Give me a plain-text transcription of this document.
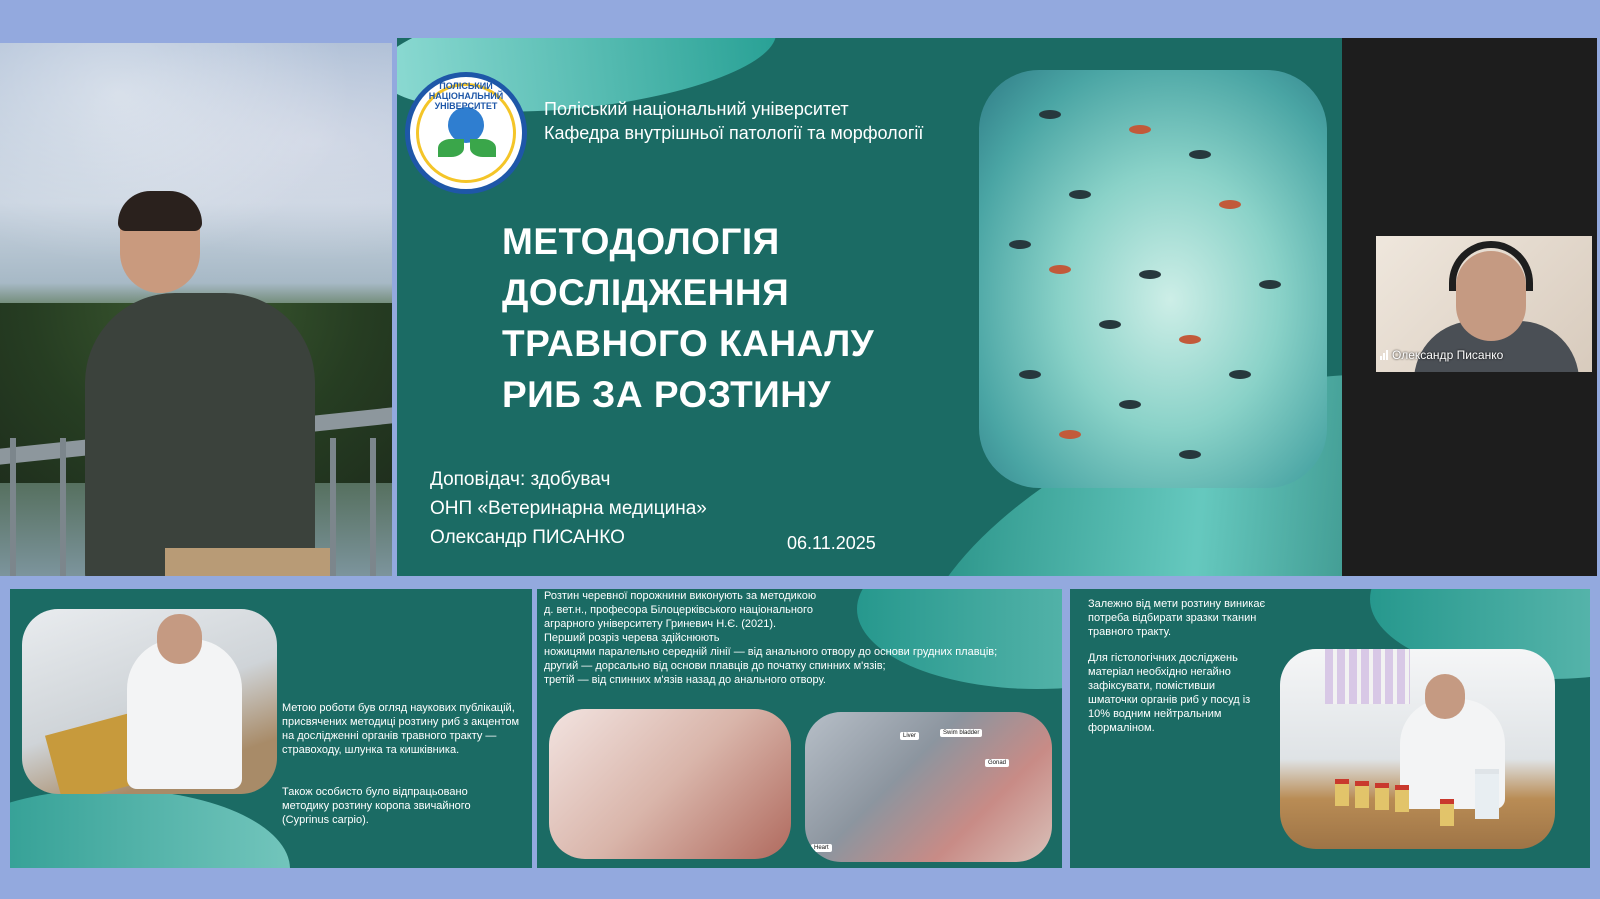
ПОЛІСЬКИЙ НАЦІОНАЛЬНИЙ УНІВЕРСИТЕТ	Поліський національний університет
Кафедра внутрішньої патології та морфології
МЕТОДОЛОГІЯ
ДОСЛІДЖЕННЯ
ТРАВНОГО КАНАЛУ
РИБ ЗА РОЗТИНУ
Доповідач: здобувач
ОНП «Ветеринарна медицина»
Олександр ПИСАНКО	06.11.2025
Олександр Писанко
Метою роботи був огляд наукових публікацій, присвячених методиці розтину риб з акцентом на дослідженні органів травного тракту — стравоходу, шлунка та кишківника.
Також особисто було відпрацьовано методику розтину коропа звичайного (Cyprinus carpio).
Розтин черевної порожнини виконують за методикою
д. вет.н., професора Білоцерківського національного
аграрного університету Гриневич Н.Є. (2021).
Перший розріз черева здійснюють
ножицями паралельно середній лінії — від анального отвору до основи грудних плавців;
другий — дорсально від основи плавців до початку спинних м'язів;
третій — від спинних м'язів назад до анального отвору.
Liver	Swim bladder
Gonad
Heart
Залежно від мети розтину виникає потреба відбирати зразки тканин травного тракту.
Для гістологічних досліджень матеріал необхідно негайно зафіксувати, помістивши шматочки органів риб у посуд із 10% водним нейтральним формаліном.
